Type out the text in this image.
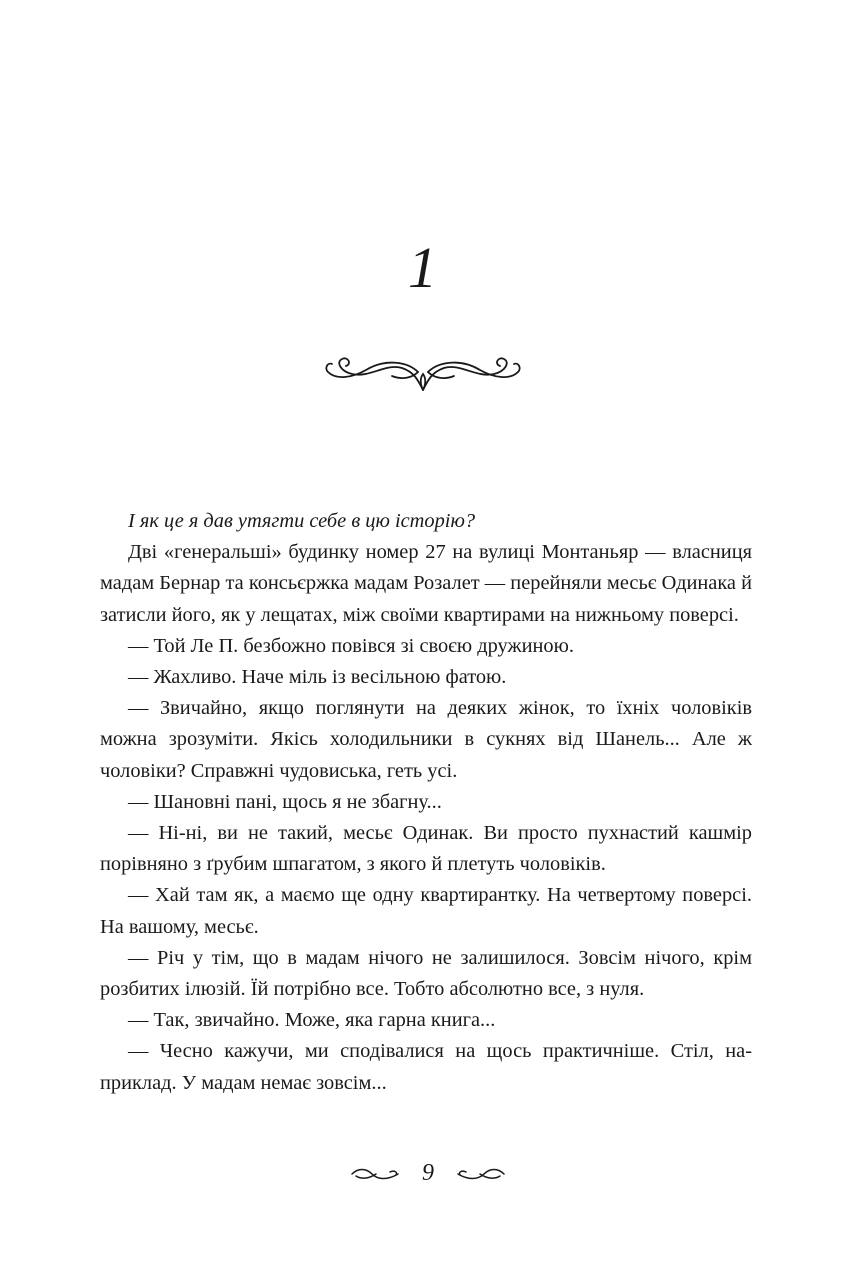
1

І як це я дав утягти себе в цю історію?

Дві «генеральші» будинку номер 27 на вулиці Монтаньяр — власниця мадам Бернар та консьєржка мадам Розалет — перейняли месьє Одинака й затисли його, як у лещатах, між своїми квартирами на нижньому поверсі.

— Той Ле П. безбожно повівся зі своєю дружиною.

— Жахливо. Наче міль із весільною фатою.

— Звичайно, якщо поглянути на деяких жінок, то їхніх чоловіків можна зрозуміти. Якісь холодильники в сукнях від Шанель... Але ж чоловіки? Справжні чудовиська, геть усі.

— Шановні пані, щось я не збагну...

— Ні-ні, ви не такий, месьє Одинак. Ви просто пухнастий кашмір порівняно з ґрубим шпагатом, з якого й плетуть чоловіків.

— Хай там як, а маємо ще одну квартирантку. На четвертому поверсі. На вашому, месьє.

— Річ у тім, що в мадам нічого не залишилося. Зовсім нічого, крім розбитих ілюзій. Їй потрібно все. Тобто абсолютно все, з нуля.

— Так, звичайно. Може, яка гарна книга...

— Чесно кажучи, ми сподівалися на щось практичніше. Стіл, наприклад. У мадам немає зовсім...

9
